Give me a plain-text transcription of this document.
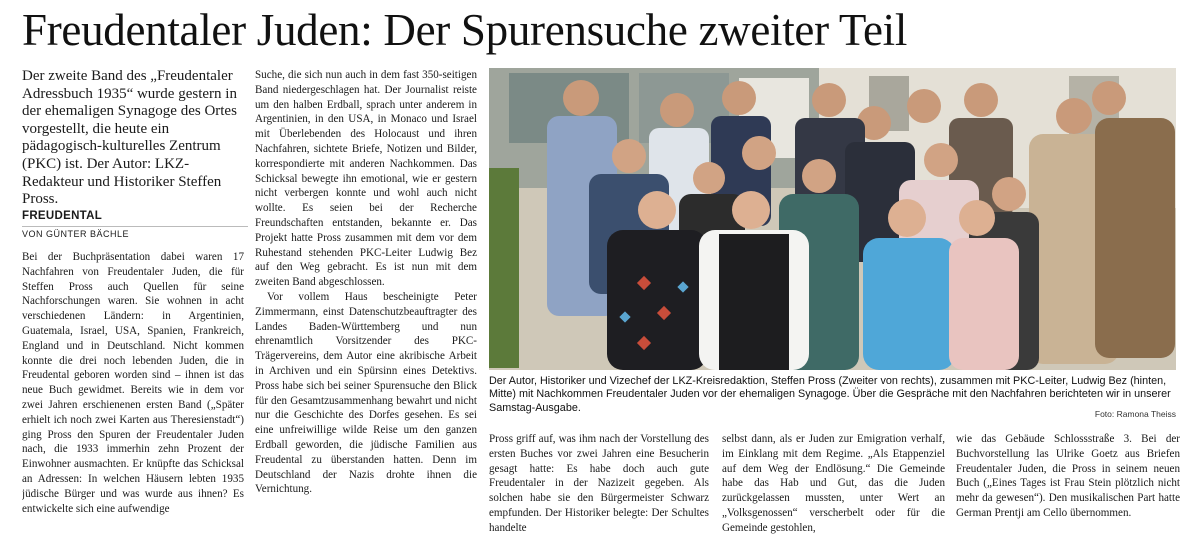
Freudentaler Juden: Der Spurensuche zweiter Teil

Der zweite Band des „Freudentaler Adressbuch 1935“ wurde gestern in der ehemaligen Synagoge des Ortes vorgestellt, die heute ein pädagogisch-kulturelles Zentrum (PKC) ist. Der Autor: LKZ-Redakteur und Historiker Steffen Pross.

FREUDENTAL
VON GÜNTER BÄCHLE

Bei der Buchpräsentation dabei waren 17 Nachfahren von Freudentaler Juden, die für Steffen Pross auch Quellen für seine Nachforschungen waren. Sie wohnen in acht verschiedenen Ländern: in Argentinien, Guatemala, Israel, USA, Spanien, Frankreich, England und in Deutschland. Nicht kommen konnte die drei noch lebenden Juden, die in Freudental geboren worden sind – ihnen ist das neue Buch gewidmet. Bereits wie in dem vor zwei Jahren erschienenen ersten Band („Später erhielt ich noch zwei Karten aus Theresienstadt“) ging Pross den Spuren der Freudentaler Juden nach, die 1933 immerhin zehn Prozent der Einwohner ausmachten. Er knüpfte das Schicksal an Adressen: In welchen Häusern lebten 1935 jüdische Bürger und was wurde aus ihnen? Es entwickelte sich eine aufwendige

Suche, die sich nun auch in dem fast 350-seitigen Band niedergeschlagen hat. Der Journalist reiste um den halben Erdball, sprach unter anderem in Argentinien, in den USA, in Monaco und Israel mit Überlebenden des Holocaust und ihren Nachfahren, sichtete Briefe, Notizen und Bilder, korrespondierte mit anderen Nachkommen. Das Schicksal bewegte ihn emotional, wie er gestern nicht verbergen konnte und wohl auch nicht wollte. Es seien bei der Recherche Freundschaften entstanden, bekannte er. Das Projekt hatte Pross zusammen mit dem vor dem Ruhestand stehenden PKC-Leiter Ludwig Bez auf den Weg gebracht. Es ist nun mit dem zweiten Band abgeschlossen.

Vor vollem Haus bescheinigte Peter Zimmermann, einst Datenschutzbeauftragter des Landes Baden-Württemberg und nun ehrenamtlich Vorsitzender des PKC-Trägervereins, dem Autor eine akribische Arbeit in Archiven und ein Spürsinn eines Detektivs. Pross habe sich bei seiner Spurensuche den Blick für den Gesamtzusammenhang bewahrt und nicht nur die Geschichte des Dorfes gesehen. Es sei eine unfreiwillige wilde Reise um den ganzen Erdball geworden, die jüdische Familien aus Freudental zu überstanden hatten. Denn im Deutschland der Nazis drohte ihnen die Vernichtung.

Der Autor, Historiker und Vizechef der LKZ-Kreisredaktion, Steffen Pross (Zweiter von rechts), zusammen mit PKC-Leiter, Ludwig Bez (hinten, Mitte) mit Nachkommen Freudentaler Juden vor der ehemaligen Synagoge. Über die Gespräche mit den Nachfahren berichteten wir in unserer Samstag-Ausgabe.

Foto: Ramona Theiss

Pross griff auf, was ihm nach der Vorstellung des ersten Buches vor zwei Jahren eine Besucherin gesagt hatte: Es habe doch auch gute Freudentaler in der Nazizeit gegeben. Als solchen habe sie den Bürgermeister Schwarz empfunden. Der Historiker belegte: Der Schultes handelte

selbst dann, als er Juden zur Emigration verhalf, im Einklang mit dem Regime. „Als Etappenziel auf dem Weg der Endlösung.“ Die Gemeinde habe das Hab und Gut, das die Juden zurückgelassen mussten, unter Wert an „Volksgenossen“ verscherbelt oder für die Gemeinde gestohlen,

wie das Gebäude Schlossstraße 3. Bei der Buchvorstellung las Ulrike Goetz aus Briefen Freudentaler Juden, die Pross in seinem neuen Buch („Eines Tages ist Frau Stein plötzlich nicht mehr da gewesen“). Den musikalischen Part hatte German Prentji am Cello übernommen.
